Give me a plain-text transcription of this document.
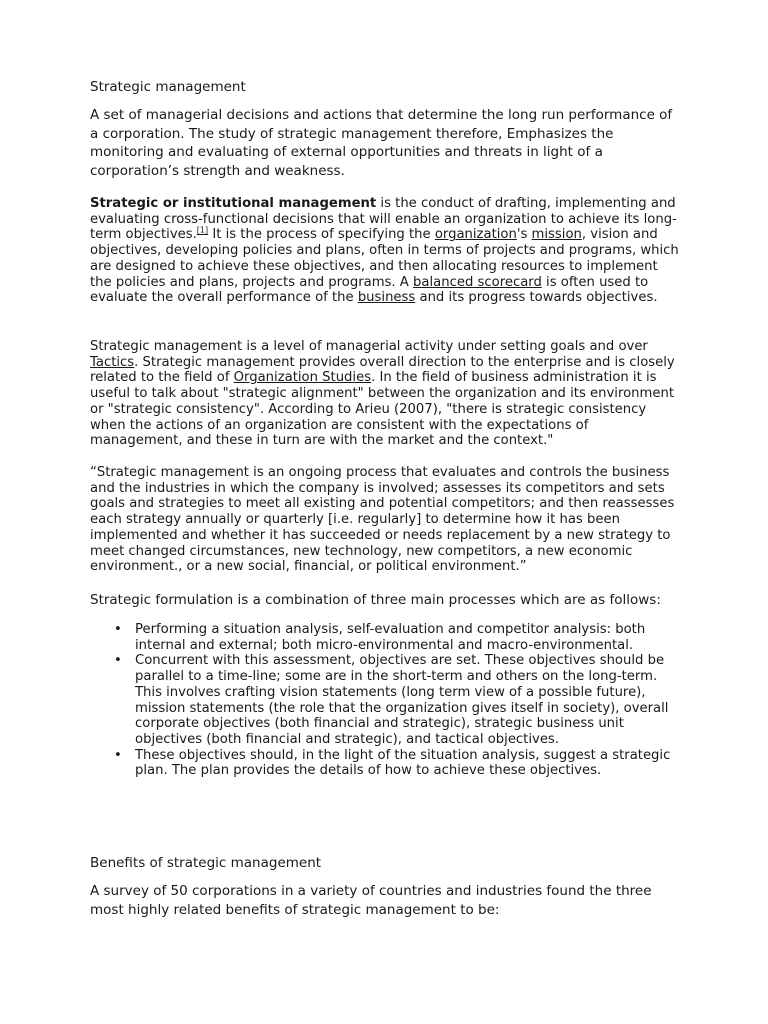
Strategic management

A set of managerial decisions and actions that determine the long run performance of a corporation. The study of strategic management therefore, Emphasizes the monitoring and evaluating of external opportunities and threats in light of a corporation’s strength and weakness.

Strategic or institutional management is the conduct of drafting, implementing and evaluating cross-functional decisions that will enable an organization to achieve its long-term objectives.[1] It is the process of specifying the organization's mission, vision and objectives, developing policies and plans, often in terms of projects and programs, which are designed to achieve these objectives, and then allocating resources to implement the policies and plans, projects and programs. A balanced scorecard is often used to evaluate the overall performance of the business and its progress towards objectives.

Strategic management is a level of managerial activity under setting goals and over Tactics. Strategic management provides overall direction to the enterprise and is closely related to the field of Organization Studies. In the field of business administration it is useful to talk about "strategic alignment" between the organization and its environment or "strategic consistency". According to Arieu (2007), "there is strategic consistency when the actions of an organization are consistent with the expectations of management, and these in turn are with the market and the context."

“Strategic management is an ongoing process that evaluates and controls the business and the industries in which the company is involved; assesses its competitors and sets goals and strategies to meet all existing and potential competitors; and then reassesses each strategy annually or quarterly [i.e. regularly] to determine how it has been implemented and whether it has succeeded or needs replacement by a new strategy to meet changed circumstances, new technology, new competitors, a new economic environment., or a new social, financial, or political environment.”

Strategic formulation is a combination of three main processes which are as follows:

• Performing a situation analysis, self-evaluation and competitor analysis: both internal and external; both micro-environmental and macro-environmental.
• Concurrent with this assessment, objectives are set. These objectives should be parallel to a time-line; some are in the short-term and others on the long-term. This involves crafting vision statements (long term view of a possible future), mission statements (the role that the organization gives itself in society), overall corporate objectives (both financial and strategic), strategic business unit objectives (both financial and strategic), and tactical objectives.
• These objectives should, in the light of the situation analysis, suggest a strategic plan. The plan provides the details of how to achieve these objectives.

Benefits of strategic management

A survey of 50 corporations in a variety of countries and industries found the three most highly related benefits of strategic management to be:
